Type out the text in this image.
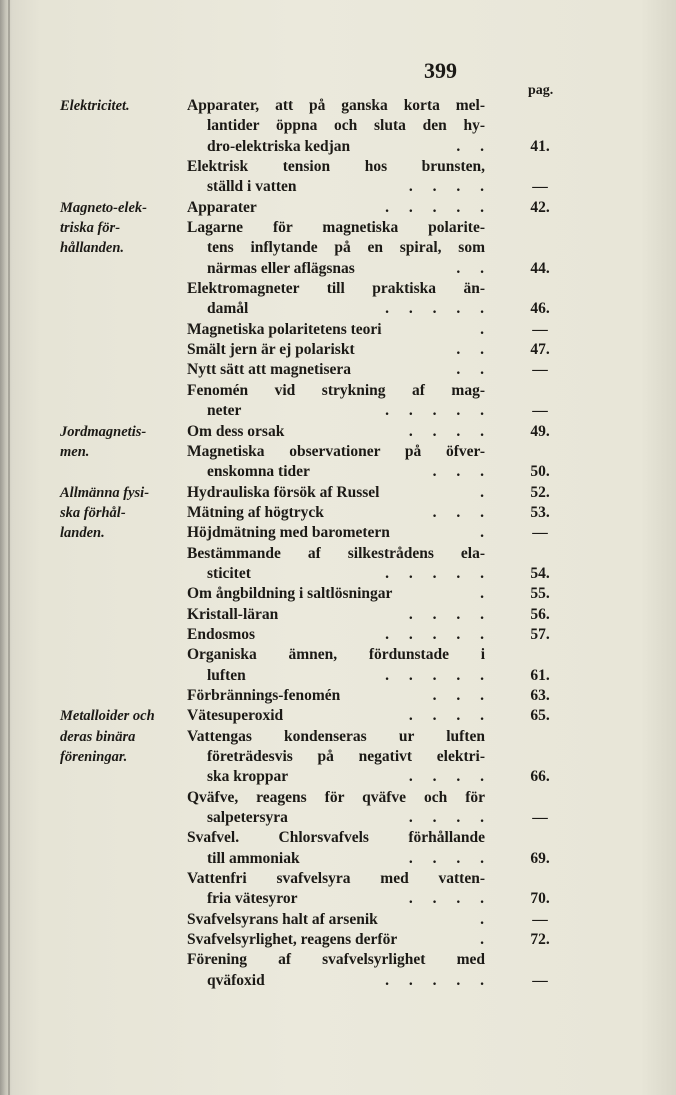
399
pag.
Elektricitet.	Apparater, att på ganska korta mel-
lantider öppna och sluta den hy-
dro-elektriska kedjan	. .	41.
Elektrisk tension hos brunsten,
ställd i vatten	. . . .	—
Magneto-elek-	Apparater	. . . . .	42.
triska för-	Lagarne för magnetiska polarite-
hållanden.	tens inflytande på en spiral, som
närmas eller aflägsnas	. .	44.
Elektromagneter till praktiska än-
damål	. . . . .	46.
Magnetiska polaritetens teori	.	—
Smält jern är ej polariskt	. .	47.
Nytt sätt att magnetisera	. .	—
Fenomén vid strykning af mag-
neter	. . . . .	—
Jordmagnetis-	Om dess orsak	. . . .	49.
men.	Magnetiska observationer på öfver-
enskomna tider	. . .	50.
Allmänna fysi-	Hydrauliska försök af Russel	.	52.
ska förhål-	Mätning af högtryck	. . .	53.
landen.	Höjdmätning med barometern	.	—
Bestämmande af silkestrådens ela-
sticitet	. . . . .	54.
Om ångbildning i saltlösningar	.	55.
Kristall-läran	. . . .	56.
Endosmos	. . . . .	57.
Organiska ämnen, fördunstade i
luften	. . . . .	61.
Förbrännings-fenomén	. . .	63.
Metalloider och	Vätesuperoxid	. . . .	65.
deras binära	Vattengas kondenseras ur luften
föreningar.	företrädesvis på negativt elektri-
ska kroppar	. . . .	66.
Qväfve, reagens för qväfve och för
salpetersyra	. . . .	—
Svafvel. Chlorsvafvels förhållande
till ammoniak	. . . .	69.
Vattenfri svafvelsyra med vatten-
fria vätesyror	. . . .	70.
Svafvelsyrans halt af arsenik	.	—
Svafvelsyrlighet, reagens derför	.	72.
Förening af svafvelsyrlighet med
qväfoxid	. . . . .	—
